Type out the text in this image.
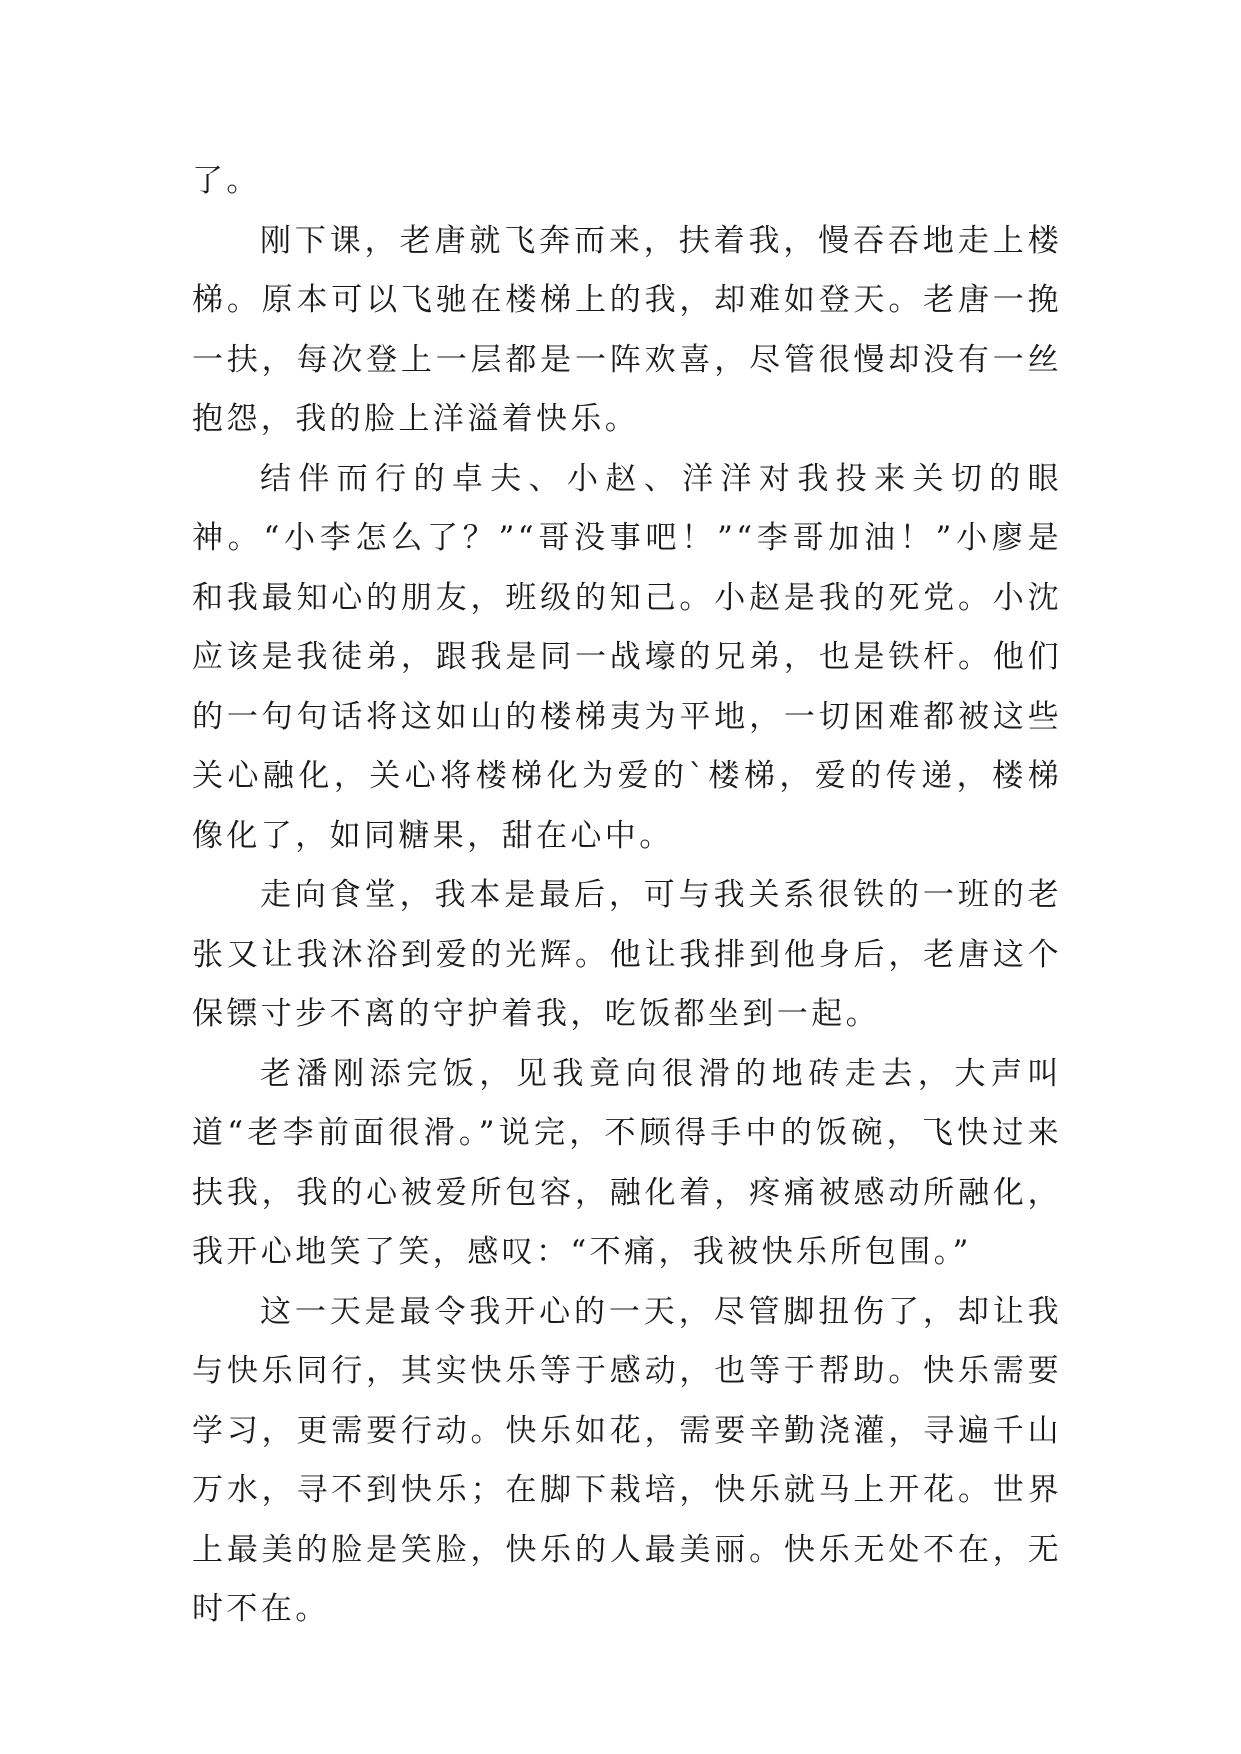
了。

刚下课，老唐就飞奔而来，扶着我，慢吞吞地走上楼梯。原本可以飞驰在楼梯上的我，却难如登天。老唐一挽一扶，每次登上一层都是一阵欢喜，尽管很慢却没有一丝抱怨，我的脸上洋溢着快乐。

结伴而行的卓夫、小赵、洋洋对我投来关切的眼神。“小李怎么了？”“哥没事吧！”“李哥加油！”小廖是和我最知心的朋友，班级的知己。小赵是我的死党。小沈应该是我徒弟，跟我是同一战壕的兄弟，也是铁杆。他们的一句句话将这如山的楼梯夷为平地，一切困难都被这些关心融化，关心将楼梯化为爱的`楼梯，爱的传递，楼梯像化了，如同糖果，甜在心中。

走向食堂，我本是最后，可与我关系很铁的一班的老张又让我沐浴到爱的光辉。他让我排到他身后，老唐这个保镖寸步不离的守护着我，吃饭都坐到一起。

老潘刚添完饭，见我竟向很滑的地砖走去，大声叫道“老李前面很滑。”说完，不顾得手中的饭碗，飞快过来扶我，我的心被爱所包容，融化着，疼痛被感动所融化，我开心地笑了笑，感叹：“不痛，我被快乐所包围。”

这一天是最令我开心的一天，尽管脚扭伤了，却让我与快乐同行，其实快乐等于感动，也等于帮助。快乐需要学习，更需要行动。快乐如花，需要辛勤浇灌，寻遍千山万水，寻不到快乐；在脚下栽培，快乐就马上开花。世界上最美的脸是笑脸，快乐的人最美丽。快乐无处不在，无时不在。
